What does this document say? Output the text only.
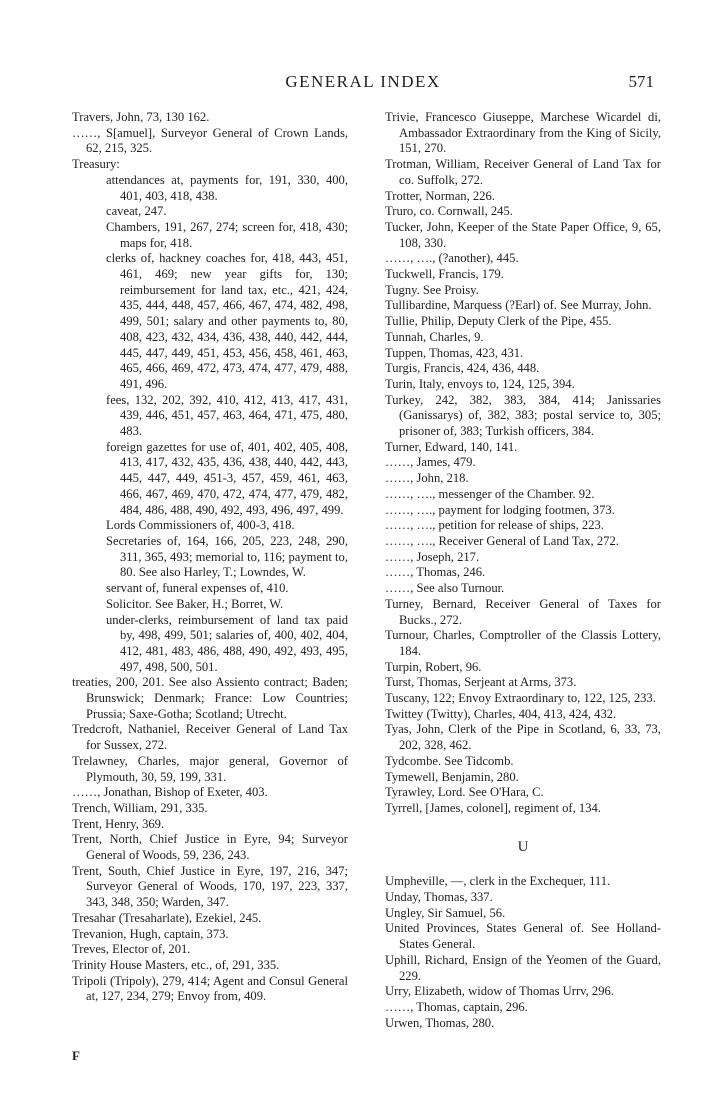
GENERAL INDEX	571
Travers, John, 73, 130 162.
……, S[amuel], Surveyor General of Crown Lands, 62, 215, 325.
Treasury:
attendances at, payments for, 191, 330, 400, 401, 403, 418, 438.
caveat, 247.
Chambers, 191, 267, 274; screen for, 418, 430; maps for, 418.
clerks of, hackney coaches for, 418, 443, 451, 461, 469; new year gifts for, 130; reimbursement for land tax, etc., 421, 424, 435, 444, 448, 457, 466, 467, 474, 482, 498, 499, 501; salary and other payments to, 80, 408, 423, 432, 434, 436, 438, 440, 442, 444, 445, 447, 449, 451, 453, 456, 458, 461, 463, 465, 466, 469, 472, 473, 474, 477, 479, 488, 491, 496.
fees, 132, 202, 392, 410, 412, 413, 417, 431, 439, 446, 451, 457, 463, 464, 471, 475, 480, 483.
foreign gazettes for use of, 401, 402, 405, 408, 413, 417, 432, 435, 436, 438, 440, 442, 443, 445, 447, 449, 451-3, 457, 459, 461, 463, 466, 467, 469, 470, 472, 474, 477, 479, 482, 484, 486, 488, 490, 492, 493, 496, 497, 499.
Lords Commissioners of, 400-3, 418.
Secretaries of, 164, 166, 205, 223, 248, 290, 311, 365, 493; memorial to, 116; payment to, 80. See also Harley, T.; Lowndes, W.
servant of, funeral expenses of, 410.
Solicitor. See Baker, H.; Borret, W.
under-clerks, reimbursement of land tax paid by, 498, 499, 501; salaries of, 400, 402, 404, 412, 481, 483, 486, 488, 490, 492, 493, 495, 497, 498, 500, 501.
treaties, 200, 201. See also Assiento contract; Baden; Brunswick; Denmark; France: Low Countries; Prussia; Saxe-Gotha; Scotland; Utrecht.
Tredcroft, Nathaniel, Receiver General of Land Tax for Sussex, 272.
Trelawney, Charles, major general, Governor of Plymouth, 30, 59, 199, 331.
……, Jonathan, Bishop of Exeter, 403.
Trench, William, 291, 335.
Trent, Henry, 369.
Trent, North, Chief Justice in Eyre, 94; Surveyor General of Woods, 59, 236, 243.
Trent, South, Chief Justice in Eyre, 197, 216, 347; Surveyor General of Woods, 170, 197, 223, 337, 343, 348, 350; Warden, 347.
Tresahar (Tresaharlate), Ezekiel, 245.
Trevanion, Hugh, captain, 373.
Treves, Elector of, 201.
Trinity House Masters, etc., of, 291, 335.
Tripoli (Tripoly), 279, 414; Agent and Consul General at, 127, 234, 279; Envoy from, 409.
Trivie, Francesco Giuseppe, Marchese Wicardel di, Ambassador Extraordinary from the King of Sicily, 151, 270.
Trotman, William, Receiver General of Land Tax for co. Suffolk, 272.
Trotter, Norman, 226.
Truro, co. Cornwall, 245.
Tucker, John, Keeper of the State Paper Office, 9, 65, 108, 330.
……, …., (?another), 445.
Tuckwell, Francis, 179.
Tugny. See Proisy.
Tullibardine, Marquess (?Earl) of. See Murray, John.
Tullie, Philip, Deputy Clerk of the Pipe, 455.
Tunnah, Charles, 9.
Tuppen, Thomas, 423, 431.
Turgis, Francis, 424, 436, 448.
Turin, Italy, envoys to, 124, 125, 394.
Turkey, 242, 382, 383, 384, 414; Janissaries (Ganissarys) of, 382, 383; postal service to, 305; prisoner of, 383; Turkish officers, 384.
Turner, Edward, 140, 141.
……, James, 479.
……, John, 218.
……, …., messenger of the Chamber. 92.
……, …., payment for lodging footmen, 373.
……, …., petition for release of ships, 223.
……, …., Receiver General of Land Tax, 272.
……, Joseph, 217.
……, Thomas, 246.
……, See also Turnour.
Turney, Bernard, Receiver General of Taxes for Bucks., 272.
Turnour, Charles, Comptroller of the Classis Lottery, 184.
Turpin, Robert, 96.
Turst, Thomas, Serjeant at Arms, 373.
Tuscany, 122; Envoy Extraordinary to, 122, 125, 233.
Twittey (Twitty), Charles, 404, 413, 424, 432.
Tyas, John, Clerk of the Pipe in Scotland, 6, 33, 73, 202, 328, 462.
Tydcombe. See Tidcomb.
Tymewell, Benjamin, 280.
Tyrawley, Lord. See O'Hara, C.
Tyrrell, [James, colonel], regiment of, 134.
U
Umpheville, —, clerk in the Exchequer, 111.
Unday, Thomas, 337.
Ungley, Sir Samuel, 56.
United Provinces, States General of. See Holland-States General.
Uphill, Richard, Ensign of the Yeomen of the Guard, 229.
Urry, Elizabeth, widow of Thomas Urrv, 296.
……, Thomas, captain, 296.
Urwen, Thomas, 280.
F
